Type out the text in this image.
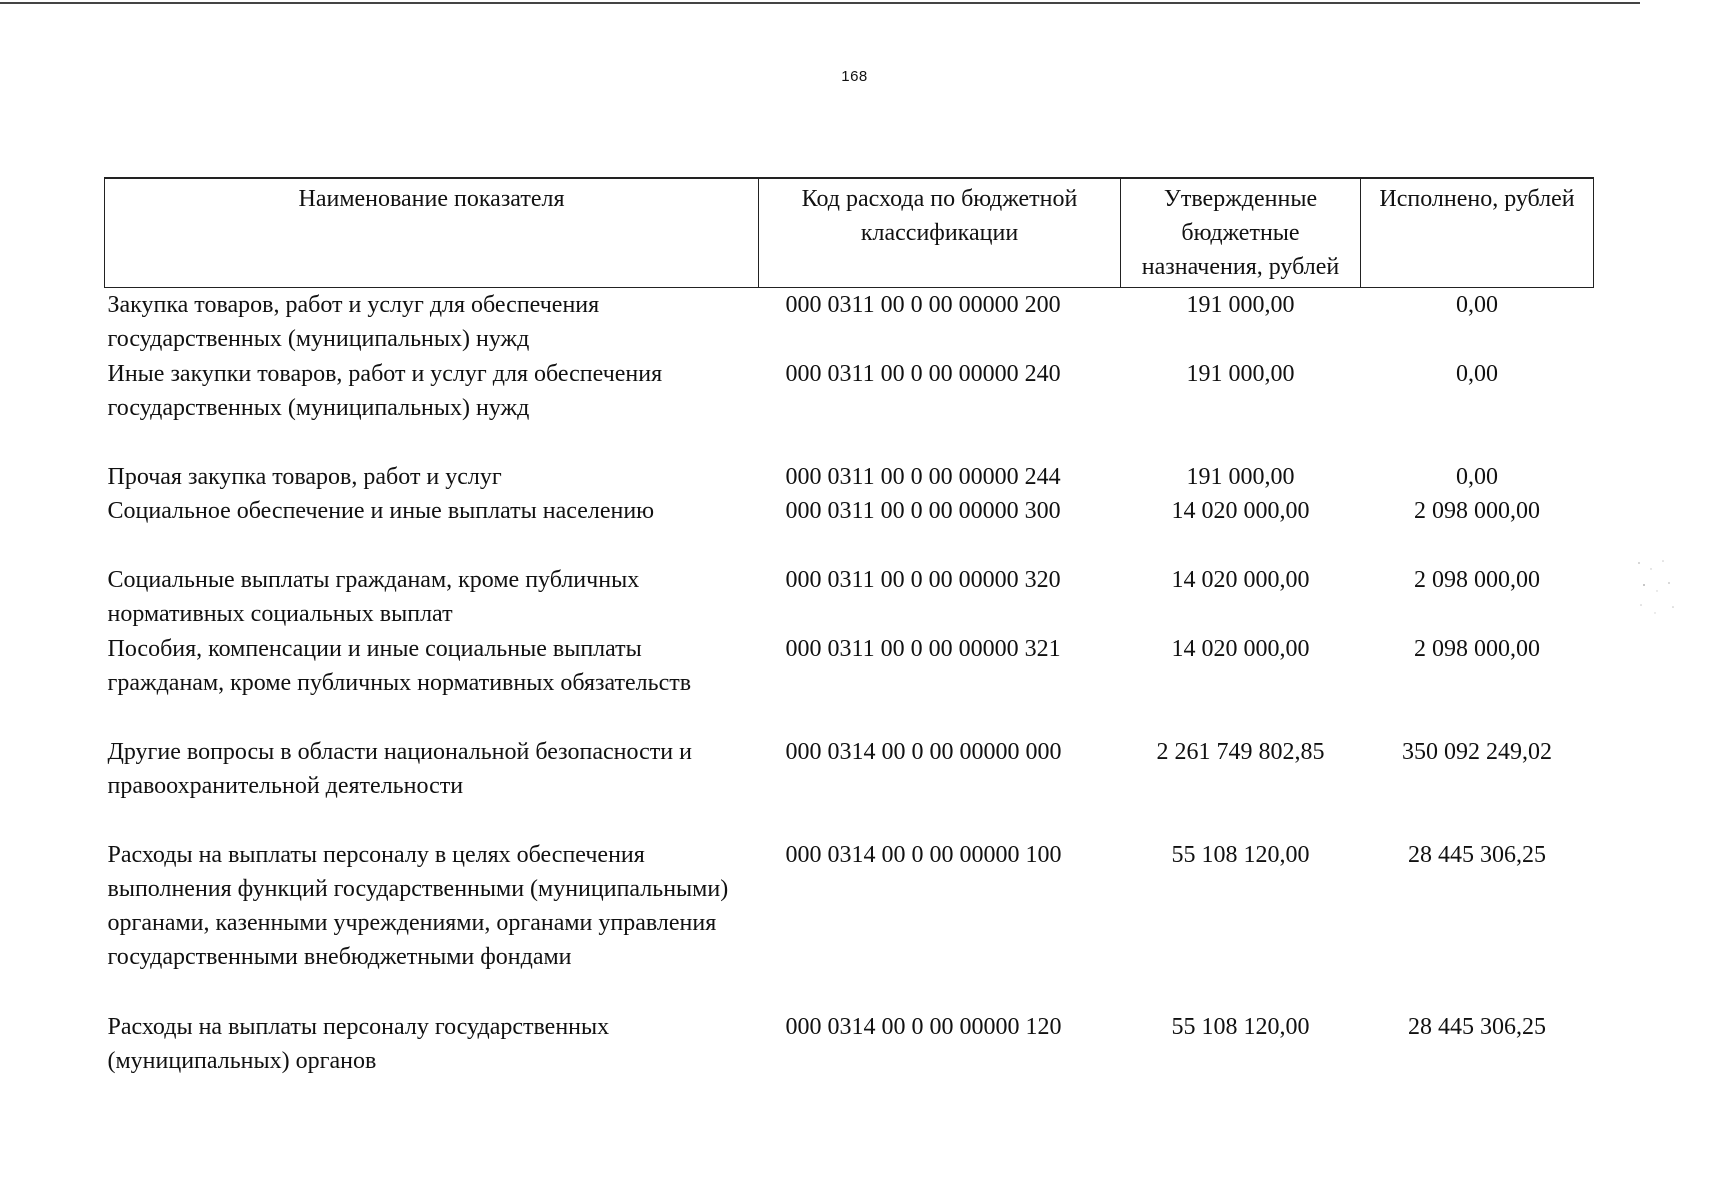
168
Наименование показателя	Код расхода по бюджетной классификации	Утвержденные бюджетные назначения, рублей	Исполнено, рублей
Закупка товаров, работ и услуг для обеспечения государственных (муниципальных) нужд	000 0311 00 0 00 00000 200	191 000,00	0,00
Иные закупки товаров, работ и услуг для обеспечения государственных (муниципальных) нужд	000 0311 00 0 00 00000 240	191 000,00	0,00
Прочая закупка товаров, работ и услуг	000 0311 00 0 00 00000 244	191 000,00	0,00
Социальное обеспечение и иные выплаты населению	000 0311 00 0 00 00000 300	14 020 000,00	2 098 000,00
Социальные выплаты гражданам, кроме публичных нормативных социальных выплат	000 0311 00 0 00 00000 320	14 020 000,00	2 098 000,00
Пособия, компенсации и иные социальные выплаты гражданам, кроме публичных нормативных обязательств	000 0311 00 0 00 00000 321	14 020 000,00	2 098 000,00
Другие вопросы в области национальной безопасности и правоохранительной деятельности	000 0314 00 0 00 00000 000	2 261 749 802,85	350 092 249,02
Расходы на выплаты персоналу в целях обеспечения выполнения функций государственными (муниципальными) органами, казенными учреждениями, органами управления государственными внебюджетными фондами	000 0314 00 0 00 00000 100	55 108 120,00	28 445 306,25
Расходы на выплаты персоналу государственных (муниципальных) органов	000 0314 00 0 00 00000 120	55 108 120,00	28 445 306,25
